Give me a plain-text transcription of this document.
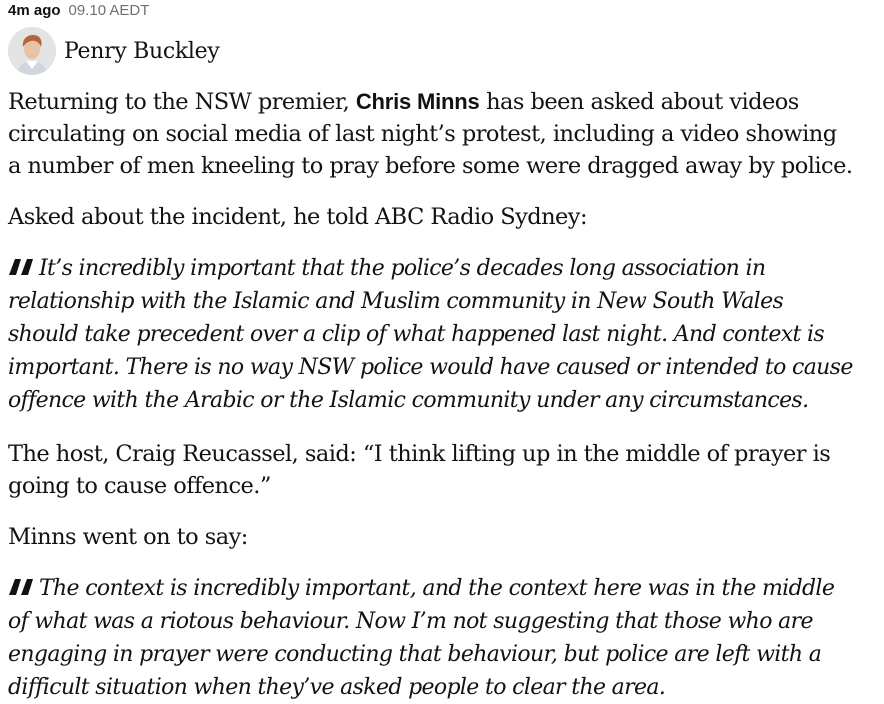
4m ago 09.10 AEDT
Penry Buckley

Returning to the NSW premier, Chris Minns has been asked about videos
circulating on social media of last night’s protest, including a video showing
a number of men kneeling to pray before some were dragged away by police.

Asked about the incident, he told ABC Radio Sydney:

It’s incredibly important that the police’s decades long association in
relationship with the Islamic and Muslim community in New South Wales
should take precedent over a clip of what happened last night. And context is
important. There is no way NSW police would have caused or intended to cause
offence with the Arabic or the Islamic community under any circumstances.

The host, Craig Reucassel, said: “I think lifting up in the middle of prayer is
going to cause offence.”

Minns went on to say:

The context is incredibly important, and the context here was in the middle
of what was a riotous behaviour. Now I’m not suggesting that those who are
engaging in prayer were conducting that behaviour, but police are left with a
difficult situation when they’ve asked people to clear the area.
